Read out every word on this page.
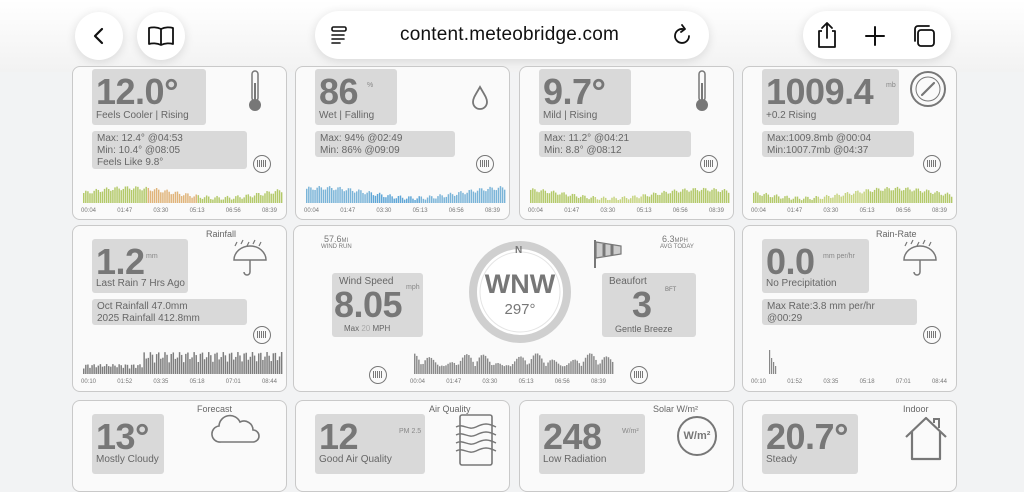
content.meteobridge.com
12.0°
Feels Cooler | Rising
Max: 12.4° @04:53
Min: 10.4° @08:05
Feels Like 9.8°
00:04	01:47	03:30	05:13	06:56	08:39
86 %
Wet | Falling
Max: 94% @02:49
Min: 86% @09:09
00:04	01:47	03:30	05:13	06:56	08:39
9.7°
Mild | Rising
Max: 11.2° @04:21
Min: 8.8° @08:12
00:04	01:47	03:30	05:13	06:56	08:39
1009.4 mb
+0.2 Rising
Max:1009.8mb @00:04
Min:1007.7mb @04:37
00:04	01:47	03:30	05:13	06:56	08:39
Rainfall
1.2 mm
Last Rain 7 Hrs Ago
Oct Rainfall 47.0mm
2025 Rainfall 412.8mm
00:10	01:52	03:35	05:18	07:01	08:44
57.6MI
WIND RUN
6.3MPH
AVG TODAY
Wind Speed
mph
8.05
Max 20 MPH
N
WNW
297°
Beaufort
3 BFT
Gentle Breeze
00:04	01:47	03:30	05:13	06:56	08:39
Rain-Rate
0.0 mm per/hr
No Precipitation
Max Rate:3.8 mm per/hr
@00:29
00:10	01:52	03:35	05:18	07:01	08:44
Forecast
13°
Mostly Cloudy
Air Quality
12	PM 2.5
Good Air Quality
Solar W/m²
248	W/m²
Low Radiation
W/m²
Indoor
20.7°
Steady
